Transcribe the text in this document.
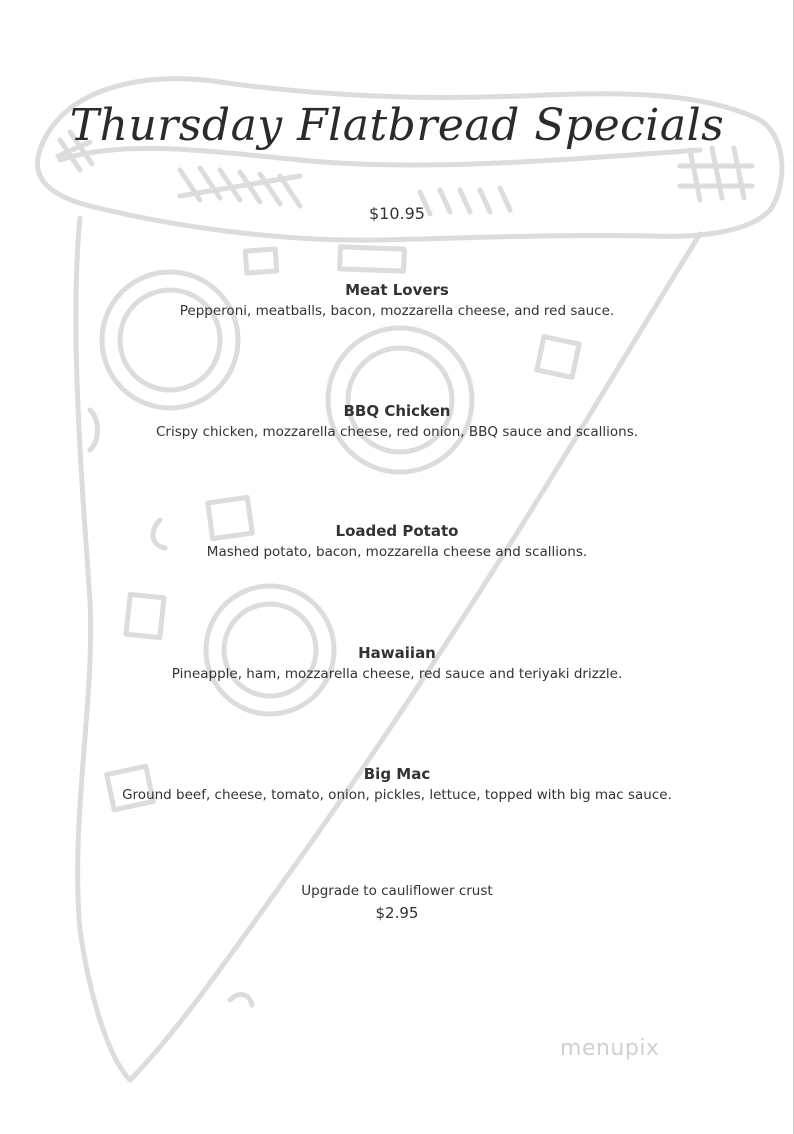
Thursday Flatbread Specials
$10.95
Meat Lovers
Pepperoni, meatballs, bacon, mozzarella cheese, and red sauce.
BBQ Chicken
Crispy chicken, mozzarella cheese, red onion, BBQ sauce and scallions.
Loaded Potato
Mashed potato, bacon, mozzarella cheese and scallions.
Hawaiian
Pineapple, ham, mozzarella cheese, red sauce and teriyaki drizzle.
Big Mac
Ground beef, cheese, tomato, onion, pickles, lettuce, topped with big mac sauce.
Upgrade to cauliflower crust
$2.95
menupix
